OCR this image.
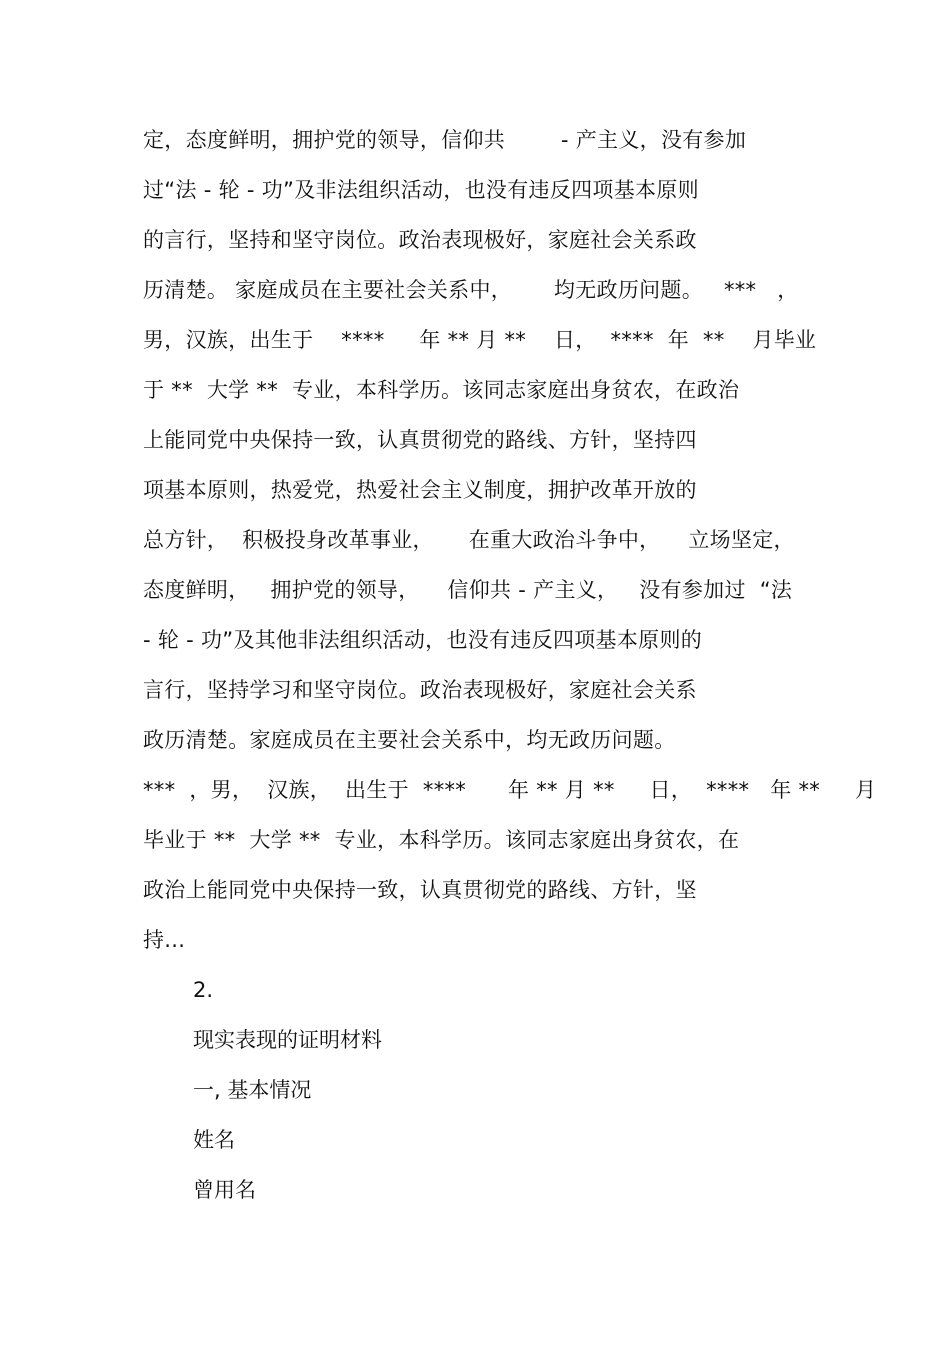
定，态度鲜明，拥护党的领导，信仰共        - 产主义，没有参加
过“法 - 轮 - 功”及非法组织活动，也没有违反四项基本原则
的言行，坚持和坚守岗位。政治表现极好，家庭社会关系政
历清楚。 家庭成员在主要社会关系中，      均无政历问题。   ***   ，
男，汉族，出生于    ****     年 ** 月 **    日，  ****  年  **    月毕业
于 **  大学 **  专业，本科学历。该同志家庭出身贫农，在政治
上能同党中央保持一致，认真贯彻党的路线、方针，坚持四
项基本原则，热爱党，热爱社会主义制度，拥护改革开放的
总方针，  积极投身改革事业，     在重大政治斗争中，    立场坚定，
态度鲜明，   拥护党的领导，    信仰共 - 产主义，   没有参加过  “法
- 轮 - 功”及其他非法组织活动，也没有违反四项基本原则的
言行，坚持学习和坚守岗位。政治表现极好，家庭社会关系
政历清楚。家庭成员在主要社会关系中，均无政历问题。
***  ，男，  汉族，  出生于  ****      年 ** 月 **     日，  ****   年 **     月
毕业于 **  大学 **  专业，本科学历。该同志家庭出身贫农，在
政治上能同党中央保持一致，认真贯彻党的路线、方针，坚
持...
2.
现实表现的证明材料
一, 基本情况
姓名
曾用名
